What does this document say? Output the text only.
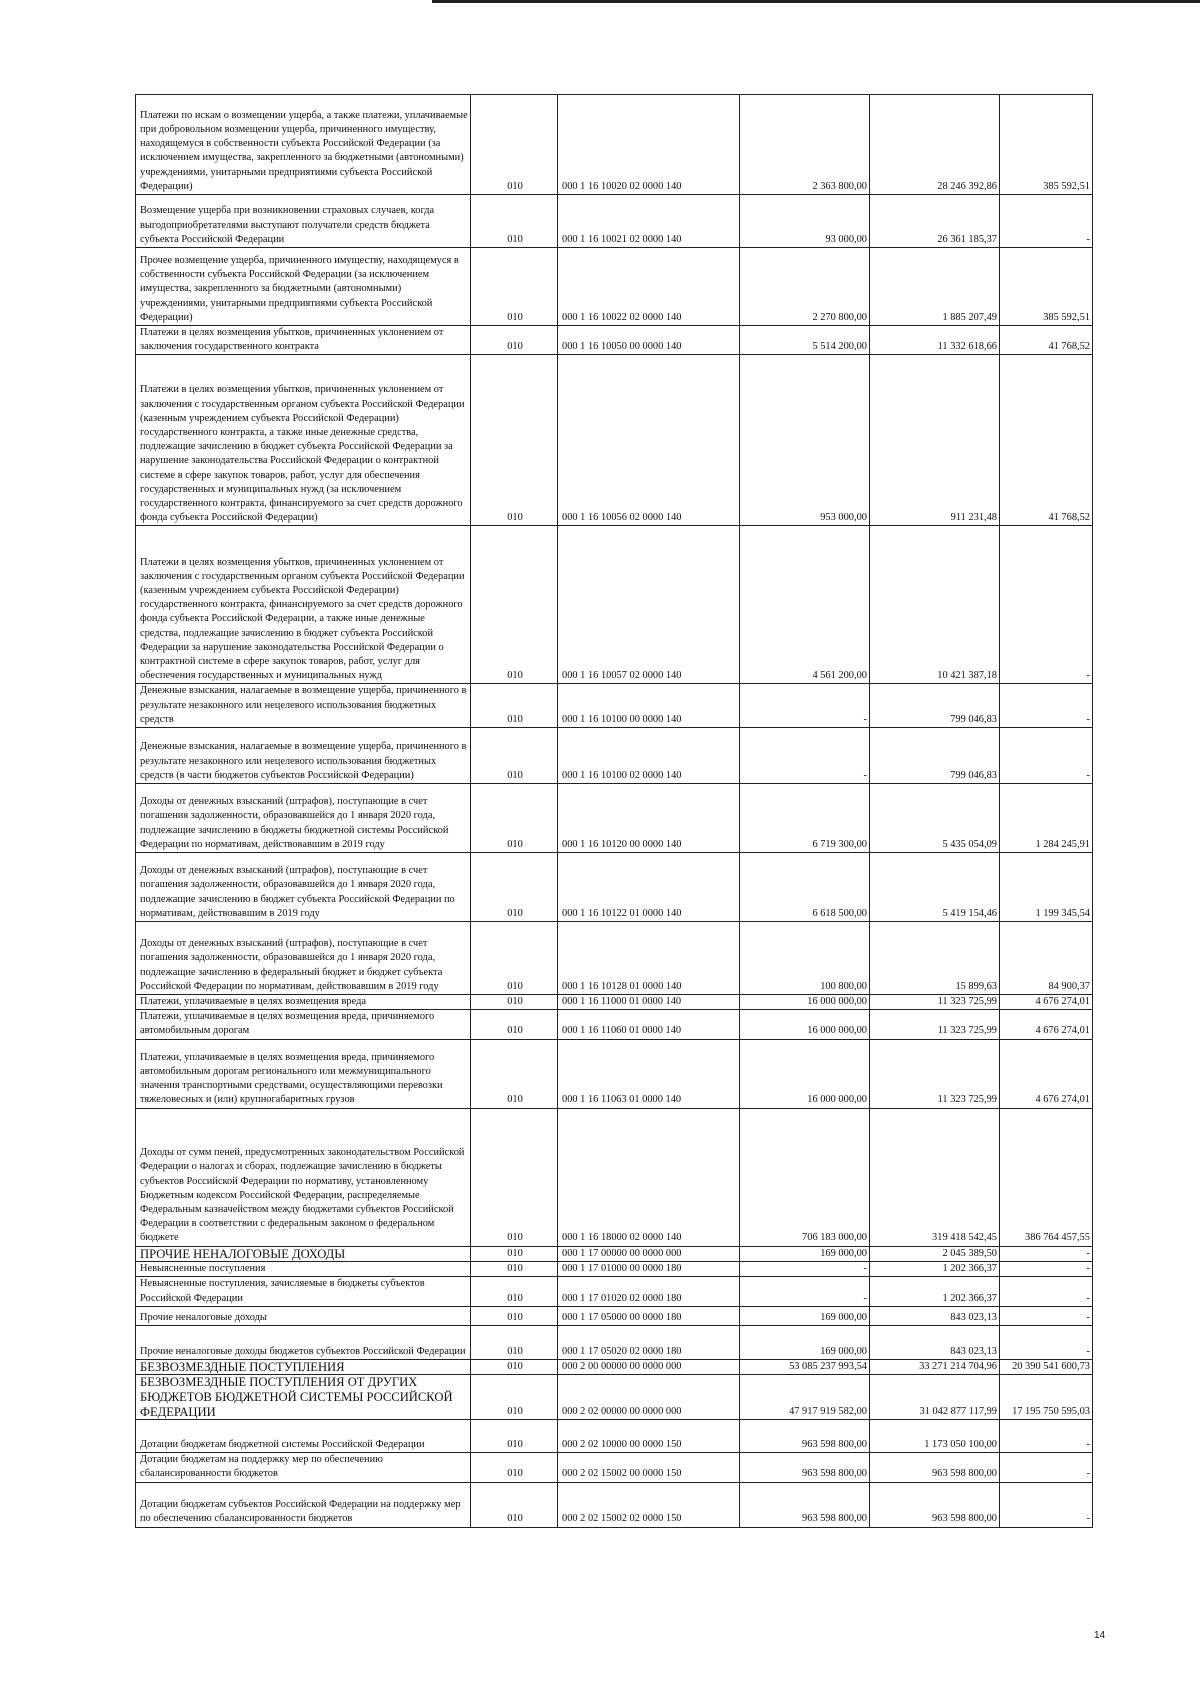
Платежи по искам о возмещении ущерба, а также платежи, уплачиваемые при добровольном возмещении ущерба, причиненного имуществу, находящемуся в собственности субъекта Российской Федерации (за исключением имущества, закрепленного за бюджетными (автономными) учреждениями, унитарными предприятиями субъекта Российской Федерации)	010	000 1 16 10020 02 0000 140	2 363 800,00	28 246 392,86	385 592,51
Возмещение ущерба при возникновении страховых случаев, когда выгодоприобретателями выступают получатели средств бюджета субъекта Российской Федерации	010	000 1 16 10021 02 0000 140	93 000,00	26 361 185,37	-
Прочее возмещение ущерба, причиненного имуществу, находящемуся в собственности субъекта Российской Федерации (за исключением имущества, закрепленного за бюджетными (автономными) учреждениями, унитарными предприятиями субъекта Российской Федерации)	010	000 1 16 10022 02 0000 140	2 270 800,00	1 885 207,49	385 592,51
Платежи в целях возмещения убытков, причиненных уклонением от заключения государственного контракта	010	000 1 16 10050 00 0000 140	5 514 200,00	11 332 618,66	41 768,52
Платежи в целях возмещения убытков, причиненных уклонением от заключения с государственным органом субъекта Российской Федерации (казенным учреждением субъекта Российской Федерации) государственного контракта, а также иные денежные средства, подлежащие зачислению в бюджет субъекта Российской Федерации за нарушение законодательства Российской Федерации о контрактной системе в сфере закупок товаров, работ, услуг для обеспечения государственных и муниципальных нужд (за исключением государственного контракта, финансируемого за счет средств дорожного фонда субъекта Российской Федерации)	010	000 1 16 10056 02 0000 140	953 000,00	911 231,48	41 768,52
Платежи в целях возмещения убытков, причиненных уклонением от заключения с государственным органом субъекта Российской Федерации (казенным учреждением субъекта Российской Федерации) государственного контракта, финансируемого за счет средств дорожного фонда субъекта Российской Федерации, а также иные денежные средства, подлежащие зачислению в бюджет субъекта Российской Федерации за нарушение законодательства Российской Федерации о контрактной системе в сфере закупок товаров, работ, услуг для обеспечения государственных и муниципальных нужд	010	000 1 16 10057 02 0000 140	4 561 200,00	10 421 387,18	-
Денежные взыскания, налагаемые в возмещение ущерба, причиненного в результате незаконного или нецелевого использования бюджетных средств	010	000 1 16 10100 00 0000 140	-	799 046,83	-
Денежные взыскания, налагаемые в возмещение ущерба, причиненного в результате незаконного или нецелевого использования бюджетных средств (в части бюджетов субъектов Российской Федерации)	010	000 1 16 10100 02 0000 140	-	799 046,83	-
Доходы от денежных взысканий (штрафов), поступающие в счет погашения задолженности, образовавшейся до 1 января 2020 года, подлежащие зачислению в бюджеты бюджетной системы Российской Федерации по нормативам, действовавшим в 2019 году	010	000 1 16 10120 00 0000 140	6 719 300,00	5 435 054,09	1 284 245,91
Доходы от денежных взысканий (штрафов), поступающие в счет погашения задолженности, образовавшейся до 1 января 2020 года, подлежащие зачислению в бюджет субъекта Российской Федерации по нормативам, действовавшим в 2019 году	010	000 1 16 10122 01 0000 140	6 618 500,00	5 419 154,46	1 199 345,54
Доходы от денежных взысканий (штрафов), поступающие в счет погашения задолженности, образовавшейся до 1 января 2020 года, подлежащие зачислению в федеральный бюджет и бюджет субъекта Российской Федерации по нормативам, действовавшим в 2019 году	010	000 1 16 10128 01 0000 140	100 800,00	15 899,63	84 900,37
Платежи, уплачиваемые в целях возмещения вреда	010	000 1 16 11000 01 0000 140	16 000 000,00	11 323 725,99	4 676 274,01
Платежи, уплачиваемые в целях возмещения вреда, причиняемого автомобильным дорогам	010	000 1 16 11060 01 0000 140	16 000 000,00	11 323 725,99	4 676 274,01
Платежи, уплачиваемые в целях возмещения вреда, причиняемого автомобильным дорогам регионального или межмуниципального значения транспортными средствами, осуществляющими перевозки тяжеловесных и (или) крупногабаритных грузов	010	000 1 16 11063 01 0000 140	16 000 000,00	11 323 725,99	4 676 274,01
Доходы от сумм пеней, предусмотренных законодательством Российской Федерации о налогах и сборах, подлежащие зачислению в бюджеты субъектов Российской Федерации по нормативу, установленному Бюджетным кодексом Российской Федерации, распределяемые Федеральным казначейством между бюджетами субъектов Российской Федерации в соответствии с федеральным законом о федеральном бюджете	010	000 1 16 18000 02 0000 140	706 183 000,00	319 418 542,45	386 764 457,55
ПРОЧИЕ НЕНАЛОГОВЫЕ ДОХОДЫ	010	000 1 17 00000 00 0000 000	169 000,00	2 045 389,50	-
Невыясненные поступления	010	000 1 17 01000 00 0000 180	-	1 202 366,37	-
Невыясненные поступления, зачисляемые в бюджеты субъектов Российской Федерации	010	000 1 17 01020 02 0000 180	-	1 202 366,37	-
Прочие неналоговые доходы	010	000 1 17 05000 00 0000 180	169 000,00	843 023,13	-
Прочие неналоговые доходы бюджетов субъектов Российской Федерации	010	000 1 17 05020 02 0000 180	169 000,00	843 023,13	-
БЕЗВОЗМЕЗДНЫЕ ПОСТУПЛЕНИЯ	010	000 2 00 00000 00 0000 000	53 085 237 993,54	33 271 214 704,96	20 390 541 600,73
БЕЗВОЗМЕЗДНЫЕ ПОСТУПЛЕНИЯ ОТ ДРУГИХ БЮДЖЕТОВ БЮДЖЕТНОЙ СИСТЕМЫ РОССИЙСКОЙ ФЕДЕРАЦИИ	010	000 2 02 00000 00 0000 000	47 917 919 582,00	31 042 877 117,99	17 195 750 595,03
Дотации бюджетам бюджетной системы Российской Федерации	010	000 2 02 10000 00 0000 150	963 598 800,00	1 173 050 100,00	-
Дотации бюджетам на поддержку мер по обеспечению сбалансированности бюджетов	010	000 2 02 15002 00 0000 150	963 598 800,00	963 598 800,00	-
Дотации бюджетам субъектов Российской Федерации на поддержку мер по обеспечению сбалансированности бюджетов	010	000 2 02 15002 02 0000 150	963 598 800,00	963 598 800,00	-
14
